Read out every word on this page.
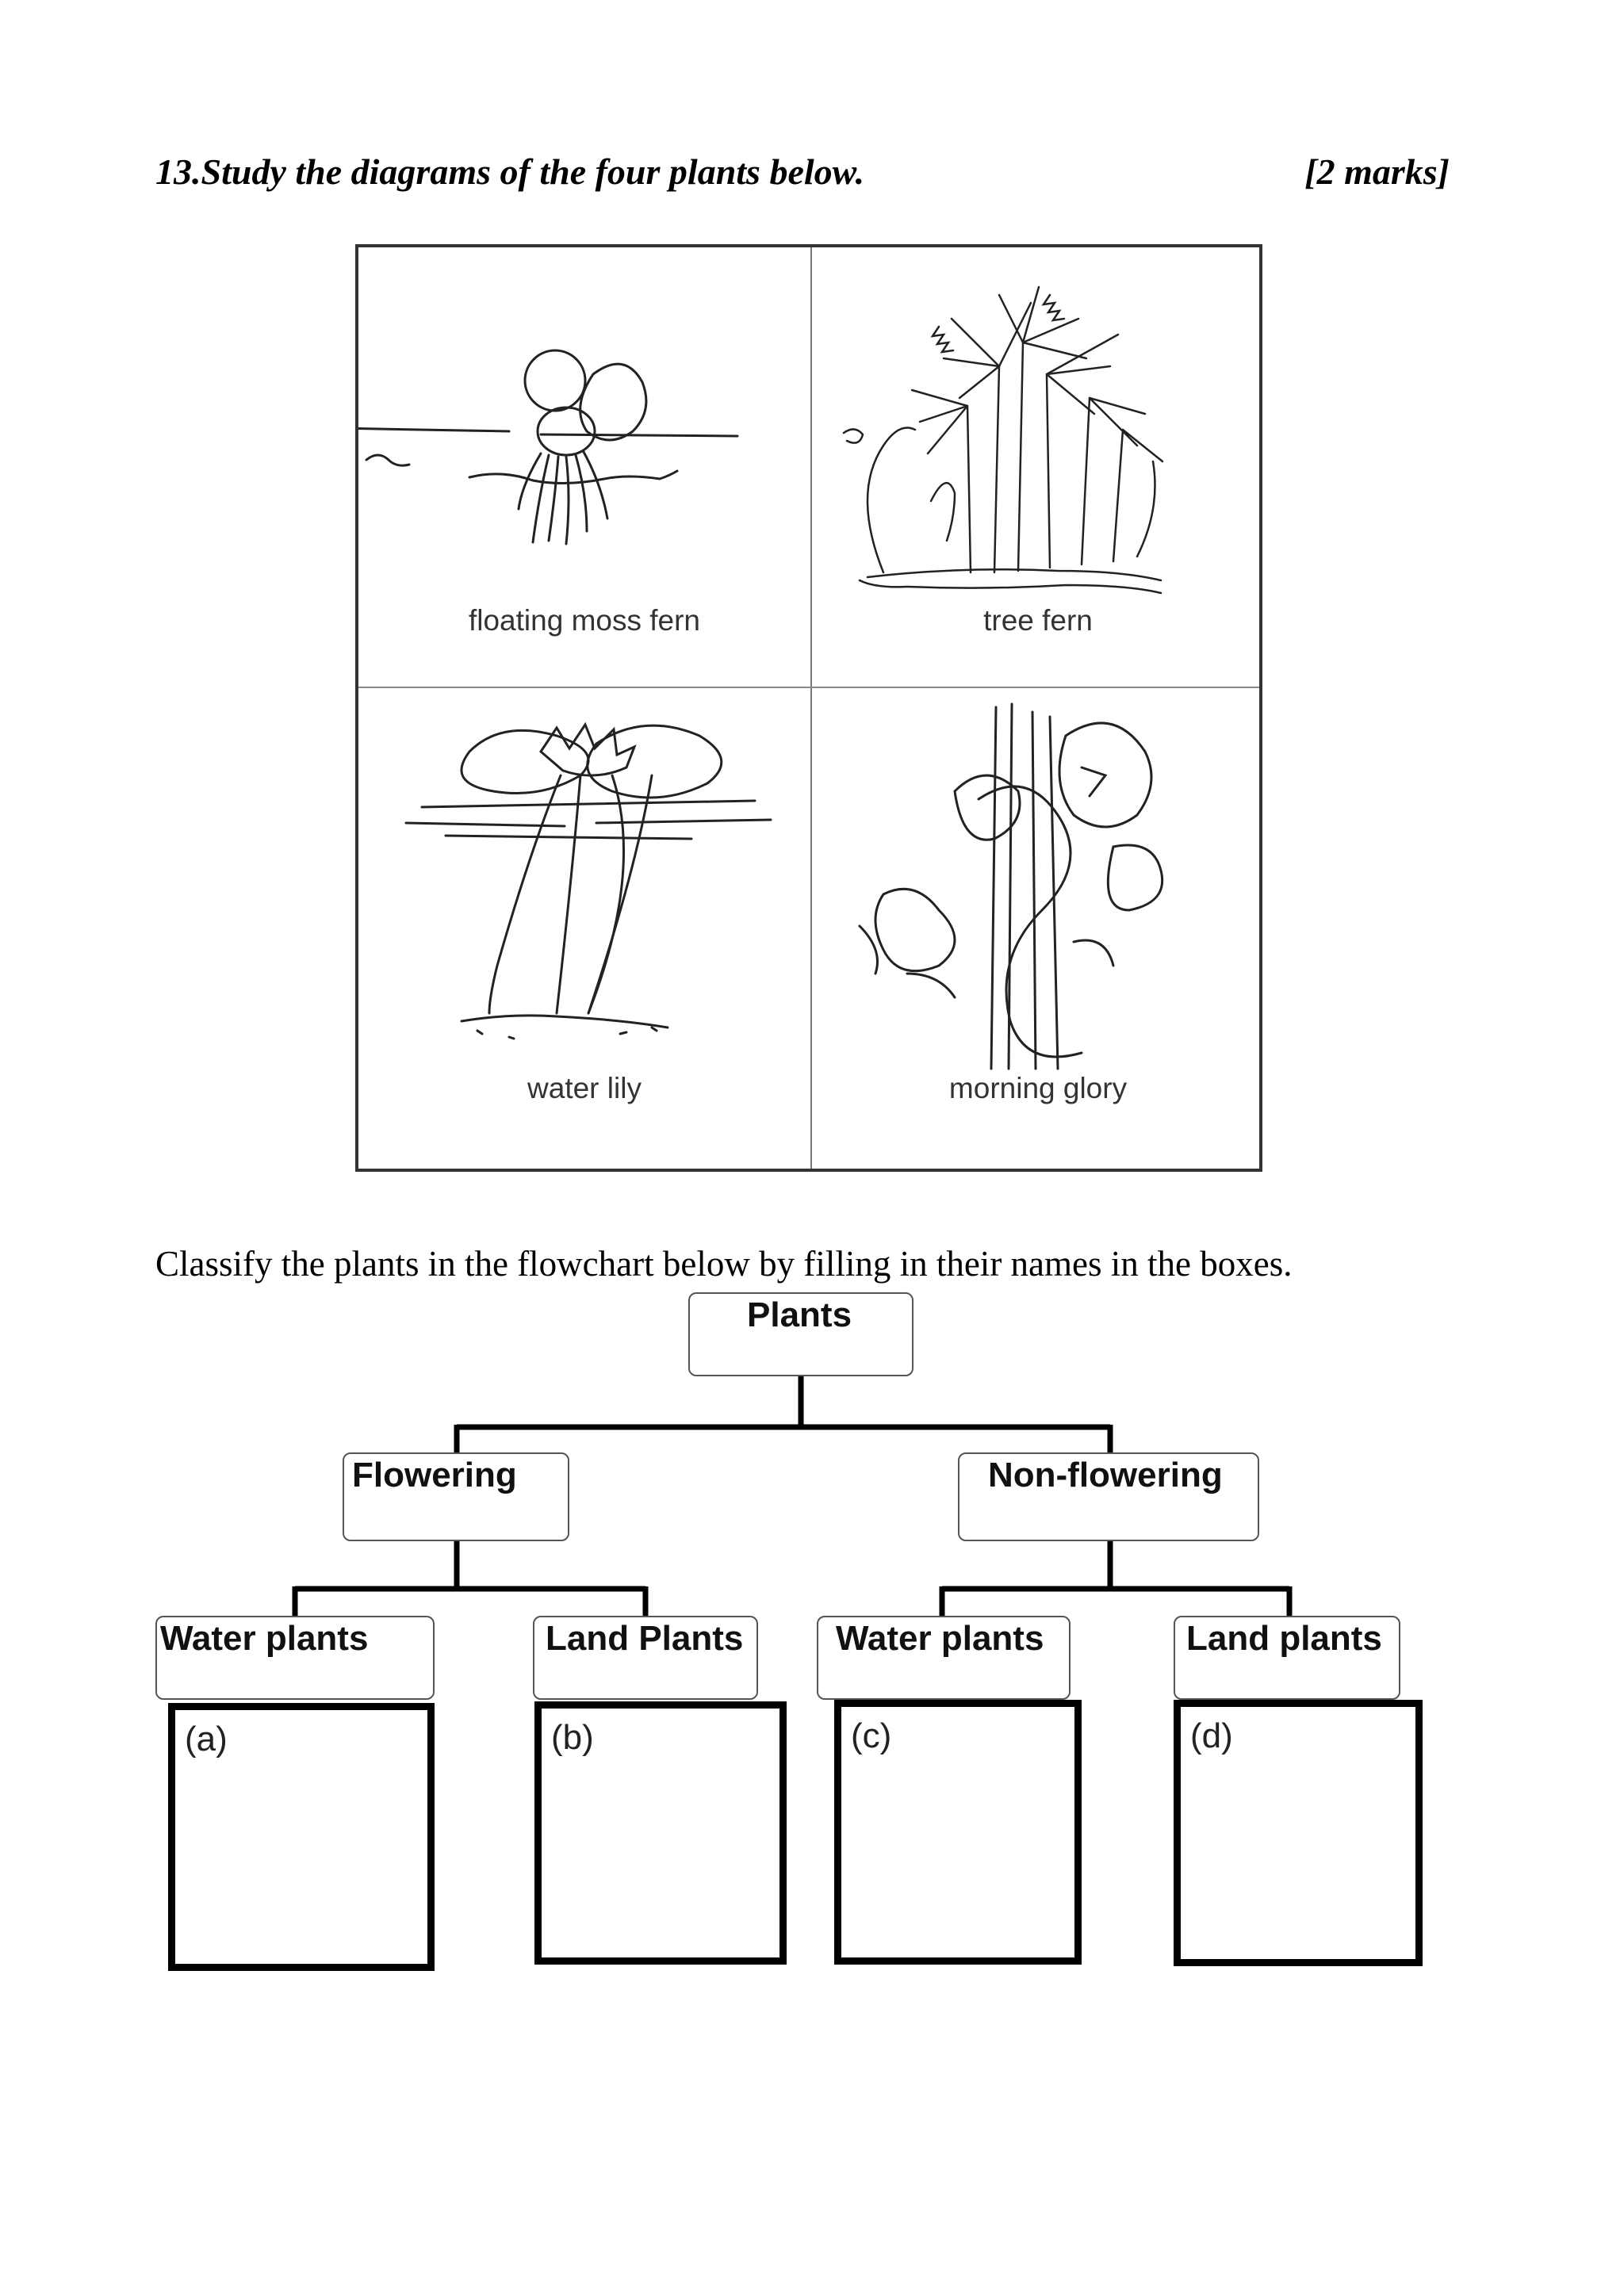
13.Study the diagrams of the four plants below.	[2 marks]
floating moss fern	tree fern
water lily	morning glory
Classify the plants in the flowchart below by filling in their names in the boxes.
Plants
Flowering	Non-flowering
Water plants	Land Plants	Water plants	Land plants
(a)	(b)	(c)	(d)
